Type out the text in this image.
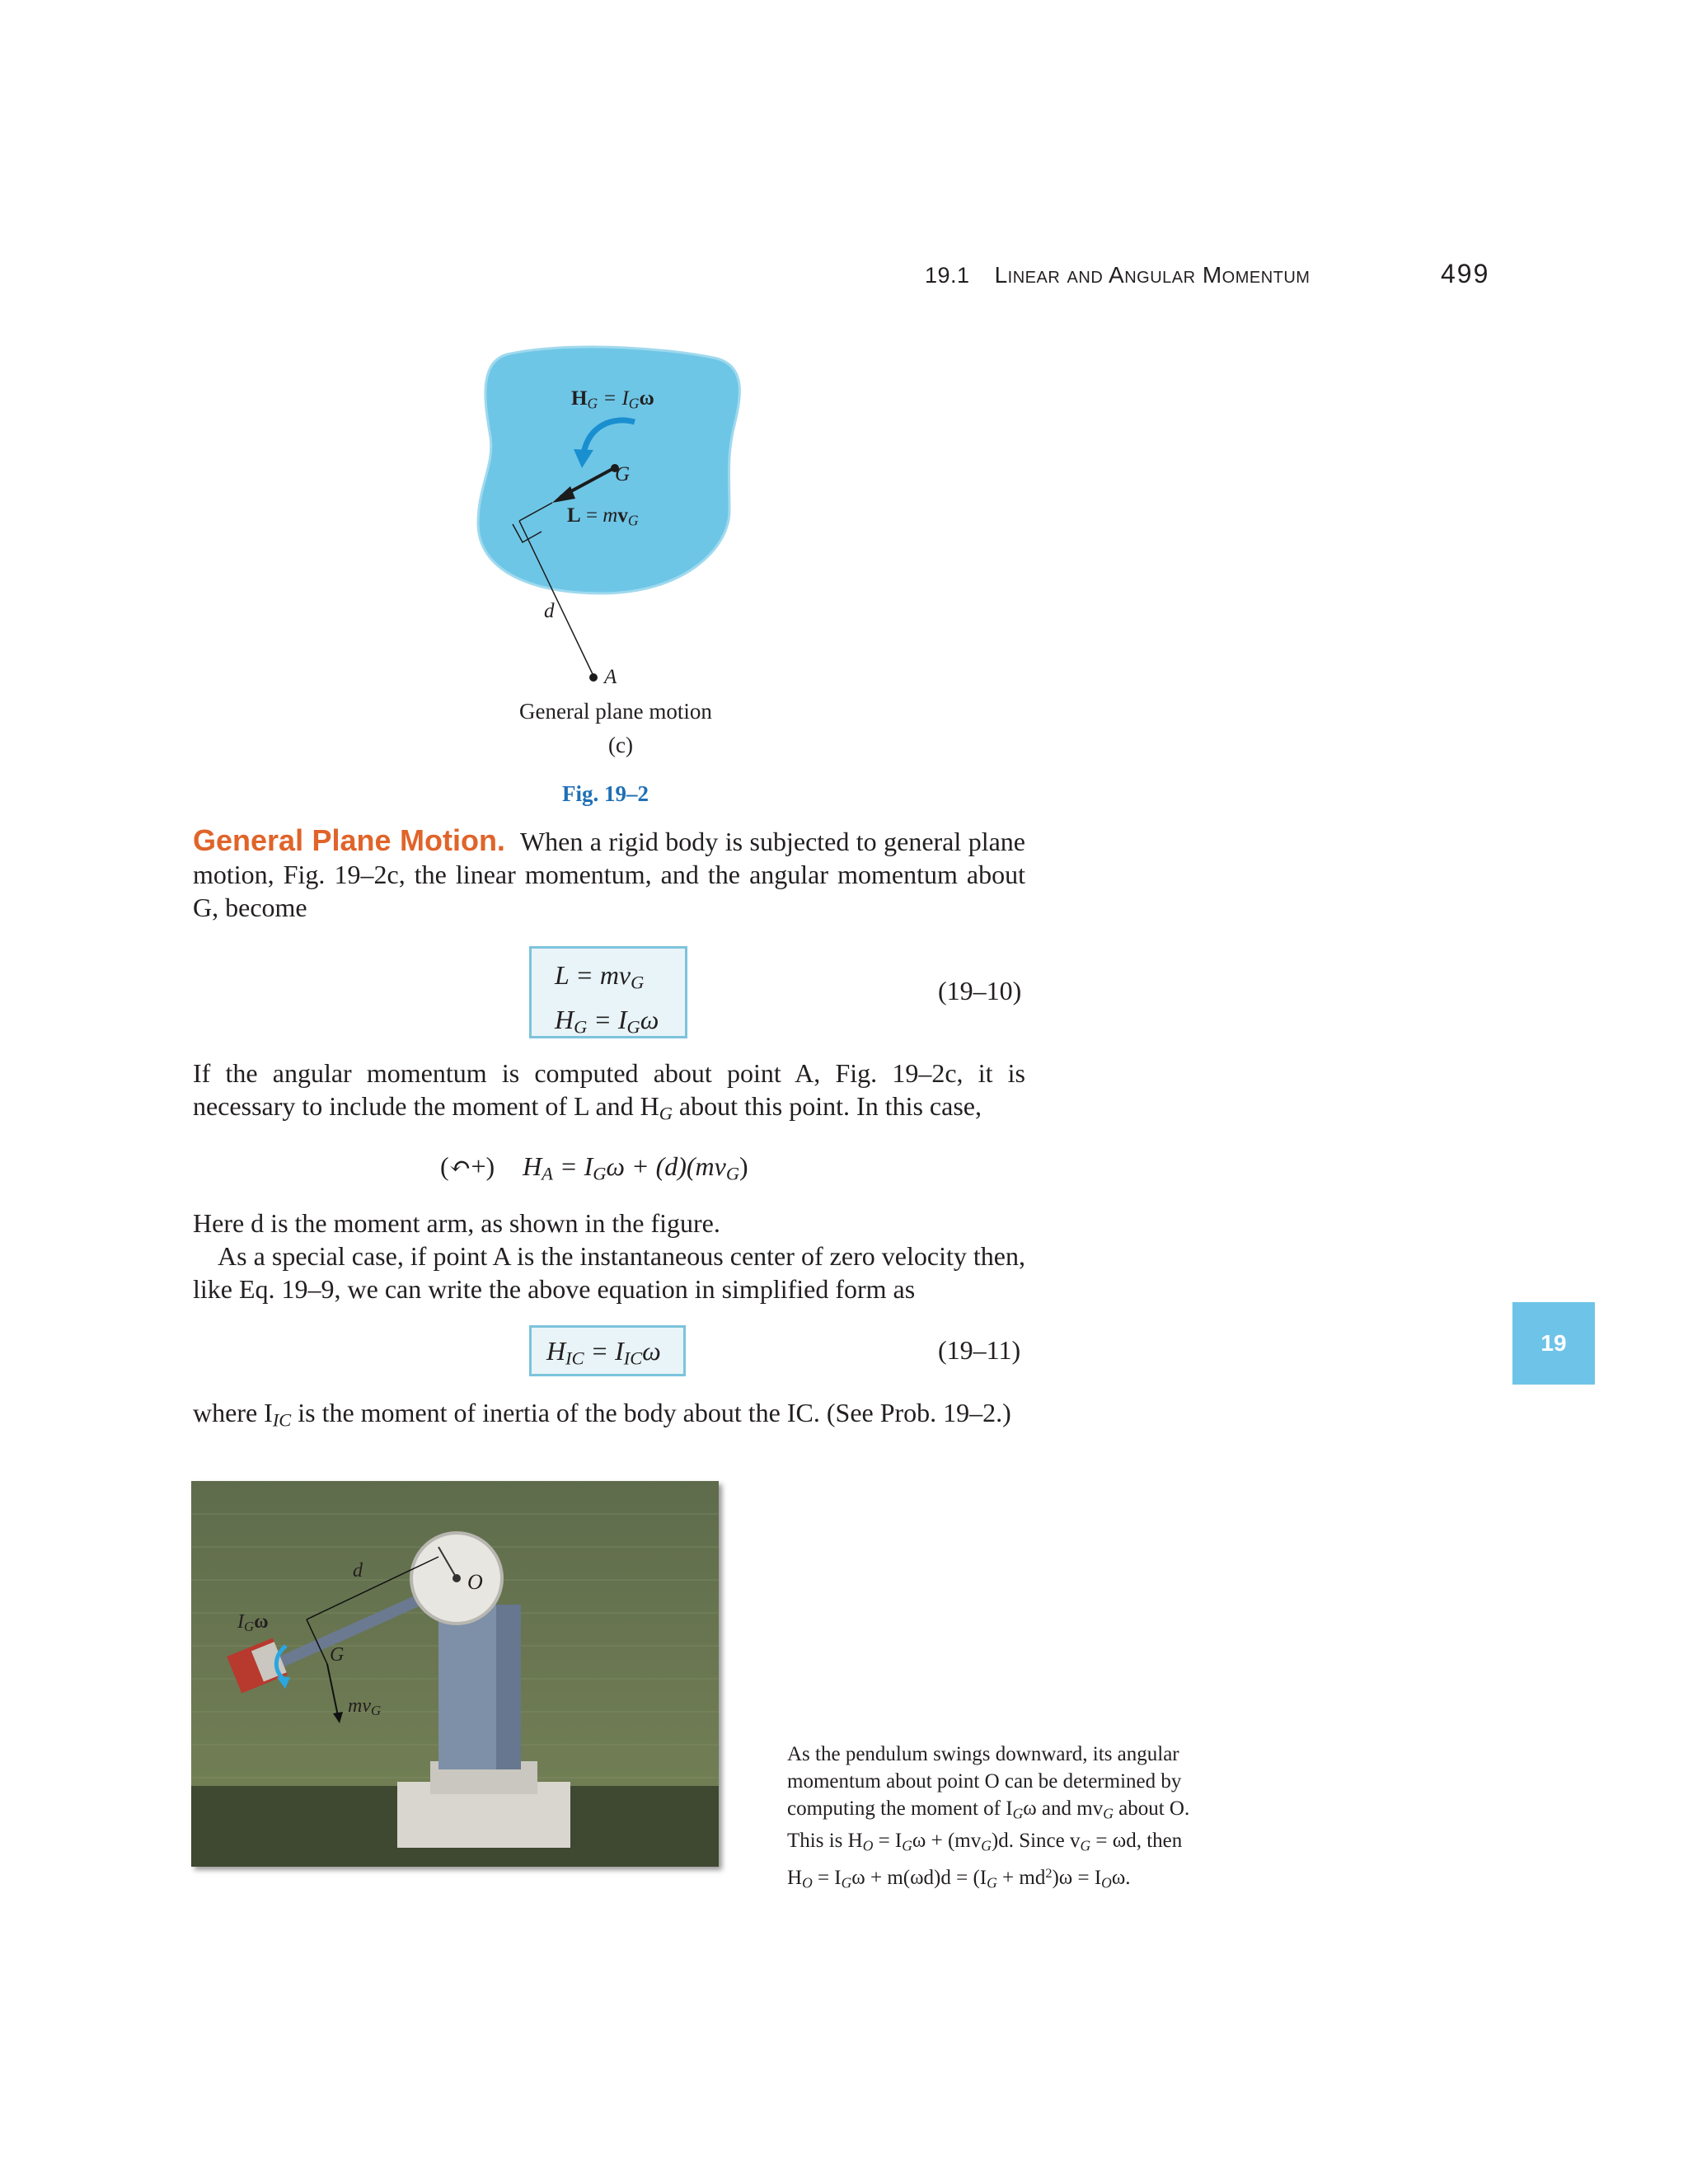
19.1 Linear and Angular Momentum	499
$H_G = I_G\omega$
G
$L = mv_G$
d
A
General plane motion
(c)
Fig. 19–2
General Plane Motion. When a rigid body is subjected to general plane motion, Fig. 19–2c, the linear momentum, and the angular momentum about G, become
$L = mv_G$
$H_G = I_G\omega$
(19–10)
If the angular momentum is computed about point A, Fig. 19–2c, it is necessary to include the moment of L and $H_G$ about this point. In this case,
(↶+) $H_A = I_G\omega + (d)(mv_G)$
Here d is the moment arm, as shown in the figure.
As a special case, if point A is the instantaneous center of zero velocity then, like Eq. 19–9, we can write the above equation in simplified form as
$H_{IC} = I_{IC}\omega$	(19–11)
where $I_{IC}$ is the moment of inertia of the body about the IC. (See Prob. 19–2.)
19
d	O
$I_G\omega$
G
$mv_G$
As the pendulum swings downward, its angular
momentum about point O can be determined by
computing the moment of $I_G\omega$ and $mv_G$ about O.
This is $H_O = I_G\omega + (mv_G)d$. Since $v_G = \omega d$, then
$H_O = I_G\omega + m(\omega d)d = (I_G + md^2)\omega = I_O\omega$.
